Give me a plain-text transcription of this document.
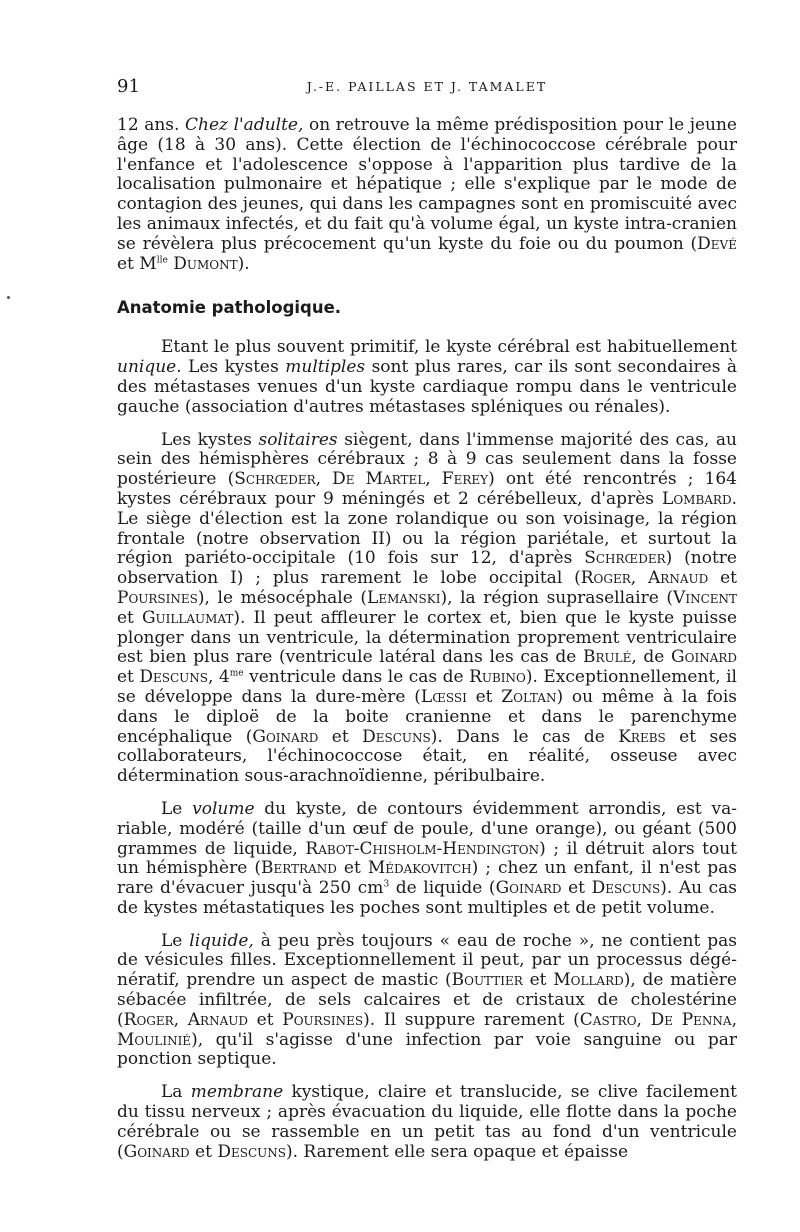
91	J.-E. PAILLAS ET J. TAMALET

12 ans. Chez l'adulte, on retrouve la même prédisposition pour le jeune âge (18 à 30 ans). Cette élection de l'échinococcose cérébrale pour l'enfance et l'adolescence s'oppose à l'apparition plus tardive de la localisation pulmonaire et hépatique ; elle s'explique par le mode de contagion des jeunes, qui dans les campagnes sont en promiscuité avec les animaux infectés, et du fait qu'à volume égal, un kyste intra-cranien se révèlera plus précocement qu'un kyste du foie ou du poumon (Devé et $M^{lle}$ Dumont).

Anatomie pathologique.

Etant le plus souvent primitif, le kyste cérébral est habituellement unique. Les kystes multiples sont plus rares, car ils sont secondaires à des métastases venues d'un kyste cardiaque rompu dans le ventricule gauche (association d'autres métastases spléniques ou rénales).

Les kystes solitaires siègent, dans l'immense majorité des cas, au sein des hémisphères cérébraux ; 8 à 9 cas seulement dans la fosse postérieure (Schrœder, De Martel, Ferey) ont été rencontrés ; 164 kystes cérébraux pour 9 méningés et 2 cérébelleux, d'après Lombard. Le siège d'élection est la zone rolandique ou son voisinage, la région frontale (notre observation II) ou la région pariétale, et surtout la région pariéto-occipitale (10 fois sur 12, d'après Schrœder) (notre observation I) ; plus rarement le lobe occipital (Roger, Arnaud et Poursines), le mésocéphale (Lemanski), la région suprasellaire (Vincent et Guillaumat). Il peut affleurer le cortex et, bien que le kyste puisse plonger dans un ventricule, la détermination proprement ventriculaire est bien plus rare (ventricule latéral dans les cas de Brulé, de Goinard et Descuns, $4^{me}$ ventricule dans le cas de Rubino). Exceptionnellement, il se développe dans la dure-mère (Lœssi et Zoltan) ou même à la fois dans le diploë de la boite cranienne et dans le parenchyme encéphalique (Goinard et Descuns). Dans le cas de Krebs et ses collaborateurs, l'échinococcose était, en réalité, osseuse avec détermination sous-arachnoïdienne, péribulbaire.

Le volume du kyste, de contours évidemment arrondis, est variable, modéré (taille d'un œuf de poule, d'une orange), ou géant (500 grammes de liquide, Rabot-Chisholm-Hendington) ; il détruit alors tout un hémisphère (Bertrand et Médakovitch) ; chez un enfant, il n'est pas rare d'évacuer jusqu'à 250 $cm^3$ de liquide (Goinard et Descuns). Au cas de kystes métastatiques les poches sont multiples et de petit volume.

Le liquide, à peu près toujours « eau de roche », ne contient pas de vésicules filles. Exceptionnellement il peut, par un processus dégénératif, prendre un aspect de mastic (Bouttier et Mollard), de matière sébacée infiltrée, de sels calcaires et de cristaux de cholestérine (Roger, Arnaud et Poursines). Il suppure rarement (Castro, De Penna, Moulinié), qu'il s'agisse d'une infection par voie sanguine ou par ponction septique.

La membrane kystique, claire et translucide, se clive facilement du tissu nerveux ; après évacuation du liquide, elle flotte dans la poche cérébrale ou se rassemble en un petit tas au fond d'un ventricule (Goinard et Descuns). Rarement elle sera opaque et épaisse
